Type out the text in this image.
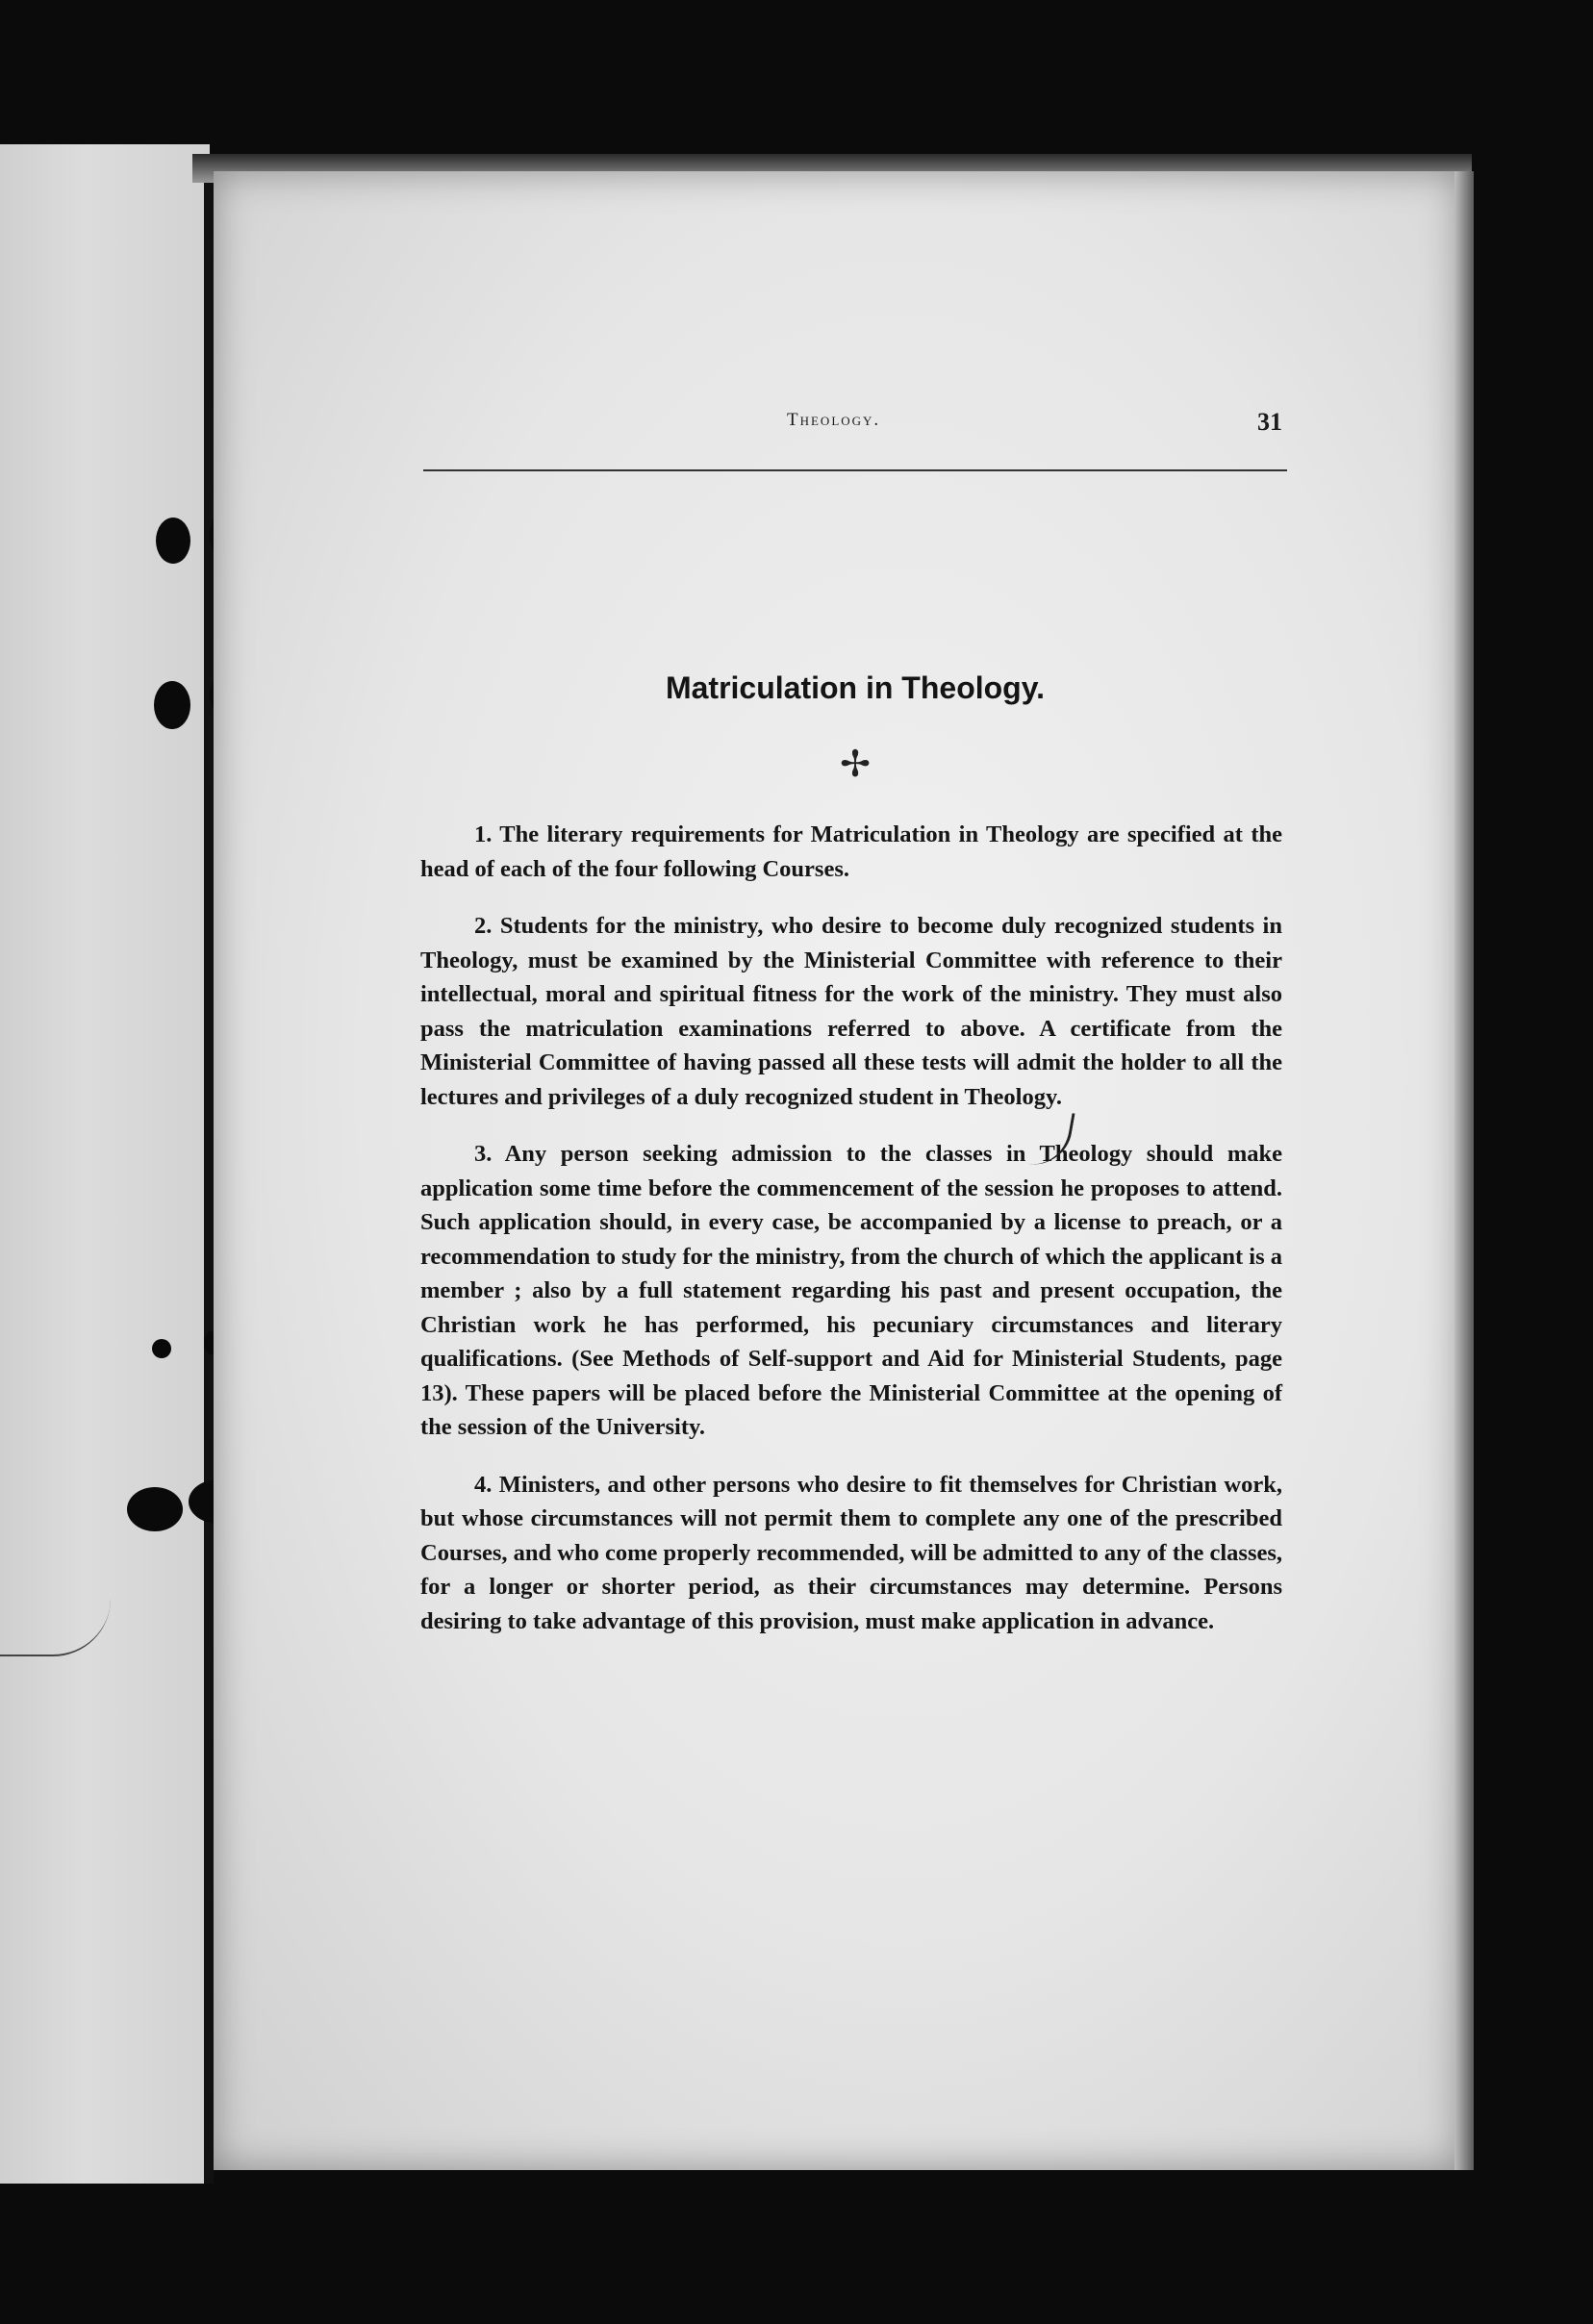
Theology.	31
Matriculation in Theology.
✢

1. The literary requirements for Matriculation in Theology are specified at the head of each of the four following Courses.

2. Students for the ministry, who desire to become duly recognized students in Theology, must be examined by the Ministerial Committee with reference to their intellectual, moral and spiritual fitness for the work of the ministry. They must also pass the matriculation examinations referred to above. A certificate from the Ministerial Committee of having passed all these tests will admit the holder to all the lectures and privileges of a duly recognized student in Theology.

3. Any person seeking admission to the classes in Theology should make application some time before the commencement of the session he proposes to attend. Such application should, in every case, be accompanied by a license to preach, or a recommendation to study for the ministry, from the church of which the applicant is a member ; also by a full statement regarding his past and present occupation, the Christian work he has performed, his pecuniary circumstances and literary qualifications. (See Methods of Self-support and Aid for Ministerial Students, page 13). These papers will be placed before the Ministerial Committee at the opening of the session of the University.

4. Ministers, and other persons who desire to fit themselves for Christian work, but whose circumstances will not permit them to complete any one of the prescribed Courses, and who come properly recommended, will be admitted to any of the classes, for a longer or shorter period, as their circumstances may determine. Persons desiring to take advantage of this provision, must make application in advance.
